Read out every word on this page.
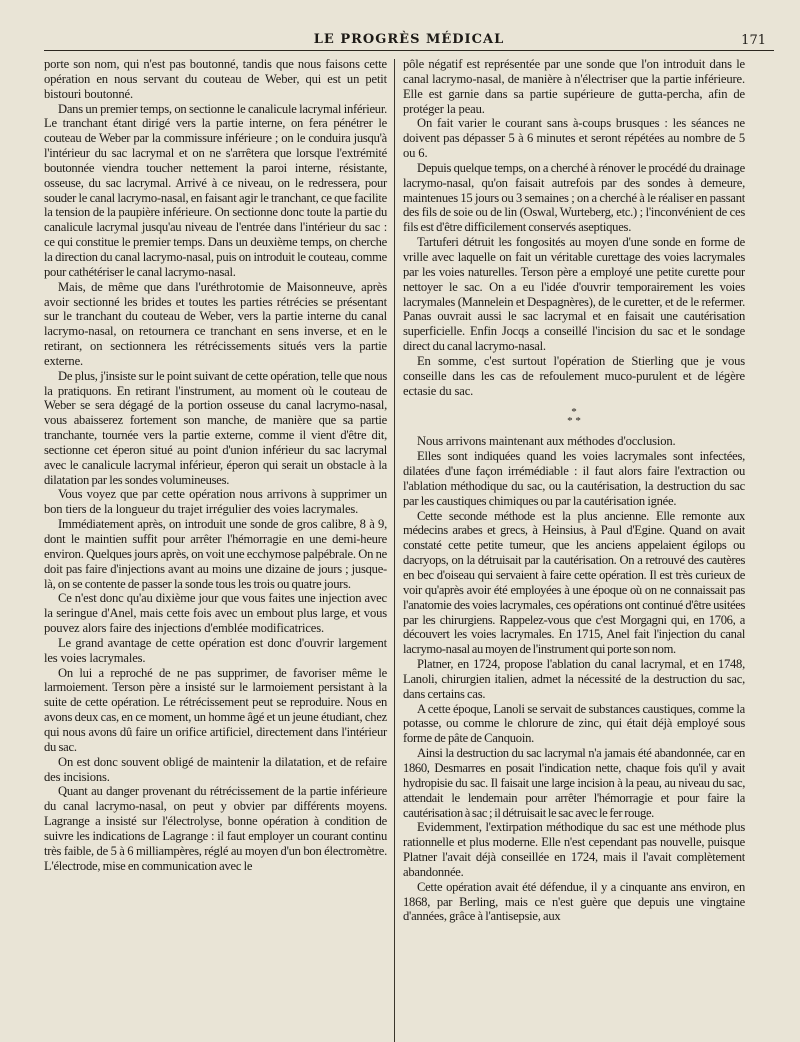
LE PROGRÈS MÉDICAL	171

porte son nom, qui n'est pas boutonné, tandis que nous faisons cette opération en nous servant du couteau de Weber, qui est un petit bistouri boutonné.

Dans un premier temps, on sectionne le canalicule lacrymal inférieur. Le tranchant étant dirigé vers la partie interne, on fera pénétrer le couteau de Weber par la commissure inférieure ; on le conduira jusqu'à l'intérieur du sac lacrymal et on ne s'arrêtera que lorsque l'extrémité boutonnée viendra toucher nettement la paroi interne, résistante, osseuse, du sac lacrymal. Arrivé à ce niveau, on le redressera, pour souder le canal lacrymo-nasal, en faisant agir le tranchant, ce que facilite la tension de la paupière inférieure. On sectionne donc toute la partie du canalicule lacrymal jusqu'au niveau de l'entrée dans l'intérieur du sac : ce qui constitue le premier temps. Dans un deuxième temps, on cherche la direction du canal lacrymo-nasal, puis on introduit le couteau, comme pour cathétériser le canal lacrymo-nasal.

Mais, de même que dans l'uréthrotomie de Maisonneuve, après avoir sectionné les brides et toutes les parties rétrécies se présentant sur le tranchant du couteau de Weber, vers la partie interne du canal lacrymo-nasal, on retournera ce tranchant en sens inverse, et en le retirant, on sectionnera les rétrécissements situés vers la partie externe.

De plus, j'insiste sur le point suivant de cette opération, telle que nous la pratiquons. En retirant l'instrument, au moment où le couteau de Weber se sera dégagé de la portion osseuse du canal lacrymo-nasal, vous abaisserez fortement son manche, de manière que sa partie tranchante, tournée vers la partie externe, comme il vient d'être dit, sectionne cet éperon situé au point d'union inférieur du sac lacrymal avec le canalicule lacrymal inférieur, éperon qui serait un obstacle à la dilatation par les sondes volumineuses.

Vous voyez que par cette opération nous arrivons à supprimer un bon tiers de la longueur du trajet irrégulier des voies lacrymales.

Immédiatement après, on introduit une sonde de gros calibre, 8 à 9, dont le maintien suffit pour arrêter l'hémorragie en une demi-heure environ. Quelques jours après, on voit une ecchymose palpébrale. On ne doit pas faire d'injections avant au moins une dizaine de jours ; jusque-là, on se contente de passer la sonde tous les trois ou quatre jours.

Ce n'est donc qu'au dixième jour que vous faites une injection avec la seringue d'Anel, mais cette fois avec un embout plus large, et vous pouvez alors faire des injections d'emblée modificatrices.

Le grand avantage de cette opération est donc d'ouvrir largement les voies lacrymales.

On lui a reproché de ne pas supprimer, de favoriser même le larmoiement. Terson père a insisté sur le larmoiement persistant à la suite de cette opération. Le rétrécissement peut se reproduire. Nous en avons deux cas, en ce moment, un homme âgé et un jeune étudiant, chez qui nous avons dû faire un orifice artificiel, directement dans l'intérieur du sac.

On est donc souvent obligé de maintenir la dilatation, et de refaire des incisions.

Quant au danger provenant du rétrécissement de la partie inférieure du canal lacrymo-nasal, on peut y obvier par différents moyens. Lagrange a insisté sur l'électrolyse, bonne opération à condition de suivre les indications de Lagrange : il faut employer un courant continu très faible, de 5 à 6 milliampères, réglé au moyen d'un bon électromètre. L'électrode, mise en communication avec le

pôle négatif est représentée par une sonde que l'on introduit dans le canal lacrymo-nasal, de manière à n'électriser que la partie inférieure. Elle est garnie dans sa partie supérieure de gutta-percha, afin de protéger la peau.

On fait varier le courant sans à-coups brusques : les séances ne doivent pas dépasser 5 à 6 minutes et seront répétées au nombre de 5 ou 6.

Depuis quelque temps, on a cherché à rénover le procédé du drainage lacrymo-nasal, qu'on faisait autrefois par des sondes à demeure, maintenues 15 jours ou 3 semaines ; on a cherché à le réaliser en passant des fils de soie ou de lin (Oswal, Wurteberg, etc.) ; l'inconvénient de ces fils est d'être difficilement conservés aseptiques.

Tartuferi détruit les fongosités au moyen d'une sonde en forme de vrille avec laquelle on fait un véritable curettage des voies lacrymales par les voies naturelles. Terson père a employé une petite curette pour nettoyer le sac. On a eu l'idée d'ouvrir temporairement les voies lacrymales (Mannelein et Despagnères), de le curetter, et de le refermer. Panas ouvrait aussi le sac lacrymal et en faisait une cautérisation superficielle. Enfin Jocqs a conseillé l'incision du sac et le sondage direct du canal lacrymo-nasal.

En somme, c'est surtout l'opération de Stierling que je vous conseille dans les cas de refoulement muco-purulent et de légère ectasie du sac.

*
* *

Nous arrivons maintenant aux méthodes d'occlusion.

Elles sont indiquées quand les voies lacrymales sont infectées, dilatées d'une façon irrémédiable : il faut alors faire l'extraction ou l'ablation méthodique du sac, ou la cautérisation, la destruction du sac par les caustiques chimiques ou par la cautérisation ignée.

Cette seconde méthode est la plus ancienne. Elle remonte aux médecins arabes et grecs, à Heinsius, à Paul d'Egine. Quand on avait constaté cette petite tumeur, que les anciens appelaient égilops ou dacryops, on la détruisait par la cautérisation. On a retrouvé des cautères en bec d'oiseau qui servaient à faire cette opération. Il est très curieux de voir qu'après avoir été employées à une époque où on ne connaissait pas l'anatomie des voies lacrymales, ces opérations ont continué d'être usitées par les chirurgiens. Rappelez-vous que c'est Morgagni qui, en 1706, a découvert les voies lacrymales. En 1715, Anel fait l'injection du canal lacrymo-nasal au moyen de l'instrument qui porte son nom.

Platner, en 1724, propose l'ablation du canal lacrymal, et en 1748, Lanoli, chirurgien italien, admet la nécessité de la destruction du sac, dans certains cas.

A cette époque, Lanoli se servait de substances caustiques, comme la potasse, ou comme le chlorure de zinc, qui était déjà employé sous forme de pâte de Canquoin.

Ainsi la destruction du sac lacrymal n'a jamais été abandonnée, car en 1860, Desmarres en posait l'indication nette, chaque fois qu'il y avait hydropisie du sac. Il faisait une large incision à la peau, au niveau du sac, attendait le lendemain pour arrêter l'hémorragie et pour faire la cautérisation à sac ; il détruisait le sac avec le fer rouge.

Evidemment, l'extirpation méthodique du sac est une méthode plus rationnelle et plus moderne. Elle n'est cependant pas nouvelle, puisque Platner l'avait déjà conseillée en 1724, mais il l'avait complètement abandonnée.

Cette opération avait été défendue, il y a cinquante ans environ, en 1868, par Berling, mais ce n'est guère que depuis une vingtaine d'années, grâce à l'antisepsie, aux
